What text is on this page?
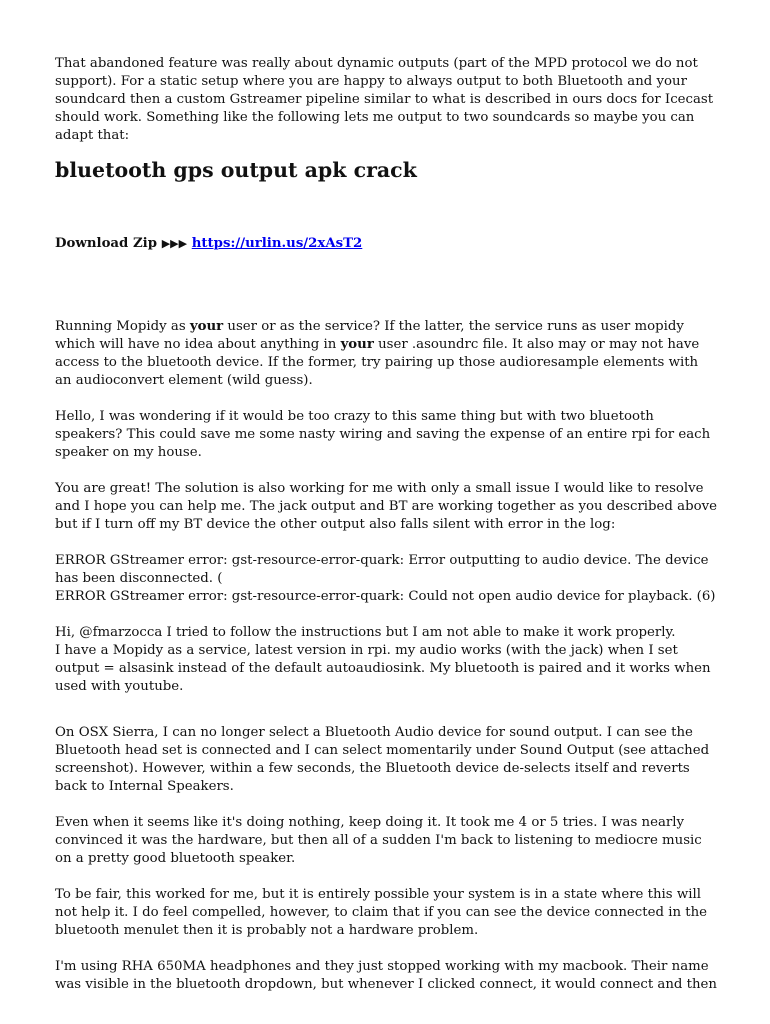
That abandoned feature was really about dynamic outputs (part of the MPD protocol we do not support). For a static setup where you are happy to always output to both Bluetooth and your soundcard then a custom Gstreamer pipeline similar to what is described in ours docs for Icecast should work. Something like the following lets me output to two soundcards so maybe you can adapt that:

bluetooth gps output apk crack
Download Zip ▶▶▶ https://urlin.us/2xAsT2

Running Mopidy as your user or as the service? If the latter, the service runs as user mopidy which will have no idea about anything in your user .asoundrc file. It also may or may not have access to the bluetooth device. If the former, try pairing up those audioresample elements with an audioconvert element (wild guess).

Hello, I was wondering if it would be too crazy to this same thing but with two bluetooth speakers? This could save me some nasty wiring and saving the expense of an entire rpi for each speaker on my house.

You are great! The solution is also working for me with only a small issue I would like to resolve and I hope you can help me. The jack output and BT are working together as you described above but if I turn off my BT device the other output also falls silent with error in the log:

ERROR GStreamer error: gst-resource-error-quark: Error outputting to audio device. The device has been disconnected. (
ERROR GStreamer error: gst-resource-error-quark: Could not open audio device for playback. (6)

Hi, @fmarzocca I tried to follow the instructions but I am not able to make it work properly.
I have a Mopidy as a service, latest version in rpi. my audio works (with the jack) when I set output = alsasink instead of the default autoaudiosink. My bluetooth is paired and it works when used with youtube.

On OSX Sierra, I can no longer select a Bluetooth Audio device for sound output. I can see the Bluetooth head set is connected and I can select momentarily under Sound Output (see attached screenshot). However, within a few seconds, the Bluetooth device de-selects itself and reverts back to Internal Speakers.

Even when it seems like it's doing nothing, keep doing it. It took me 4 or 5 tries. I was nearly convinced it was the hardware, but then all of a sudden I'm back to listening to mediocre music on a pretty good bluetooth speaker.

To be fair, this worked for me, but it is entirely possible your system is in a state where this will not help it. I do feel compelled, however, to claim that if you can see the device connected in the bluetooth menulet then it is probably not a hardware problem.

I'm using RHA 650MA headphones and they just stopped working with my macbook. Their name was visible in the bluetooth dropdown, but whenever I clicked connect, it would connect and then
